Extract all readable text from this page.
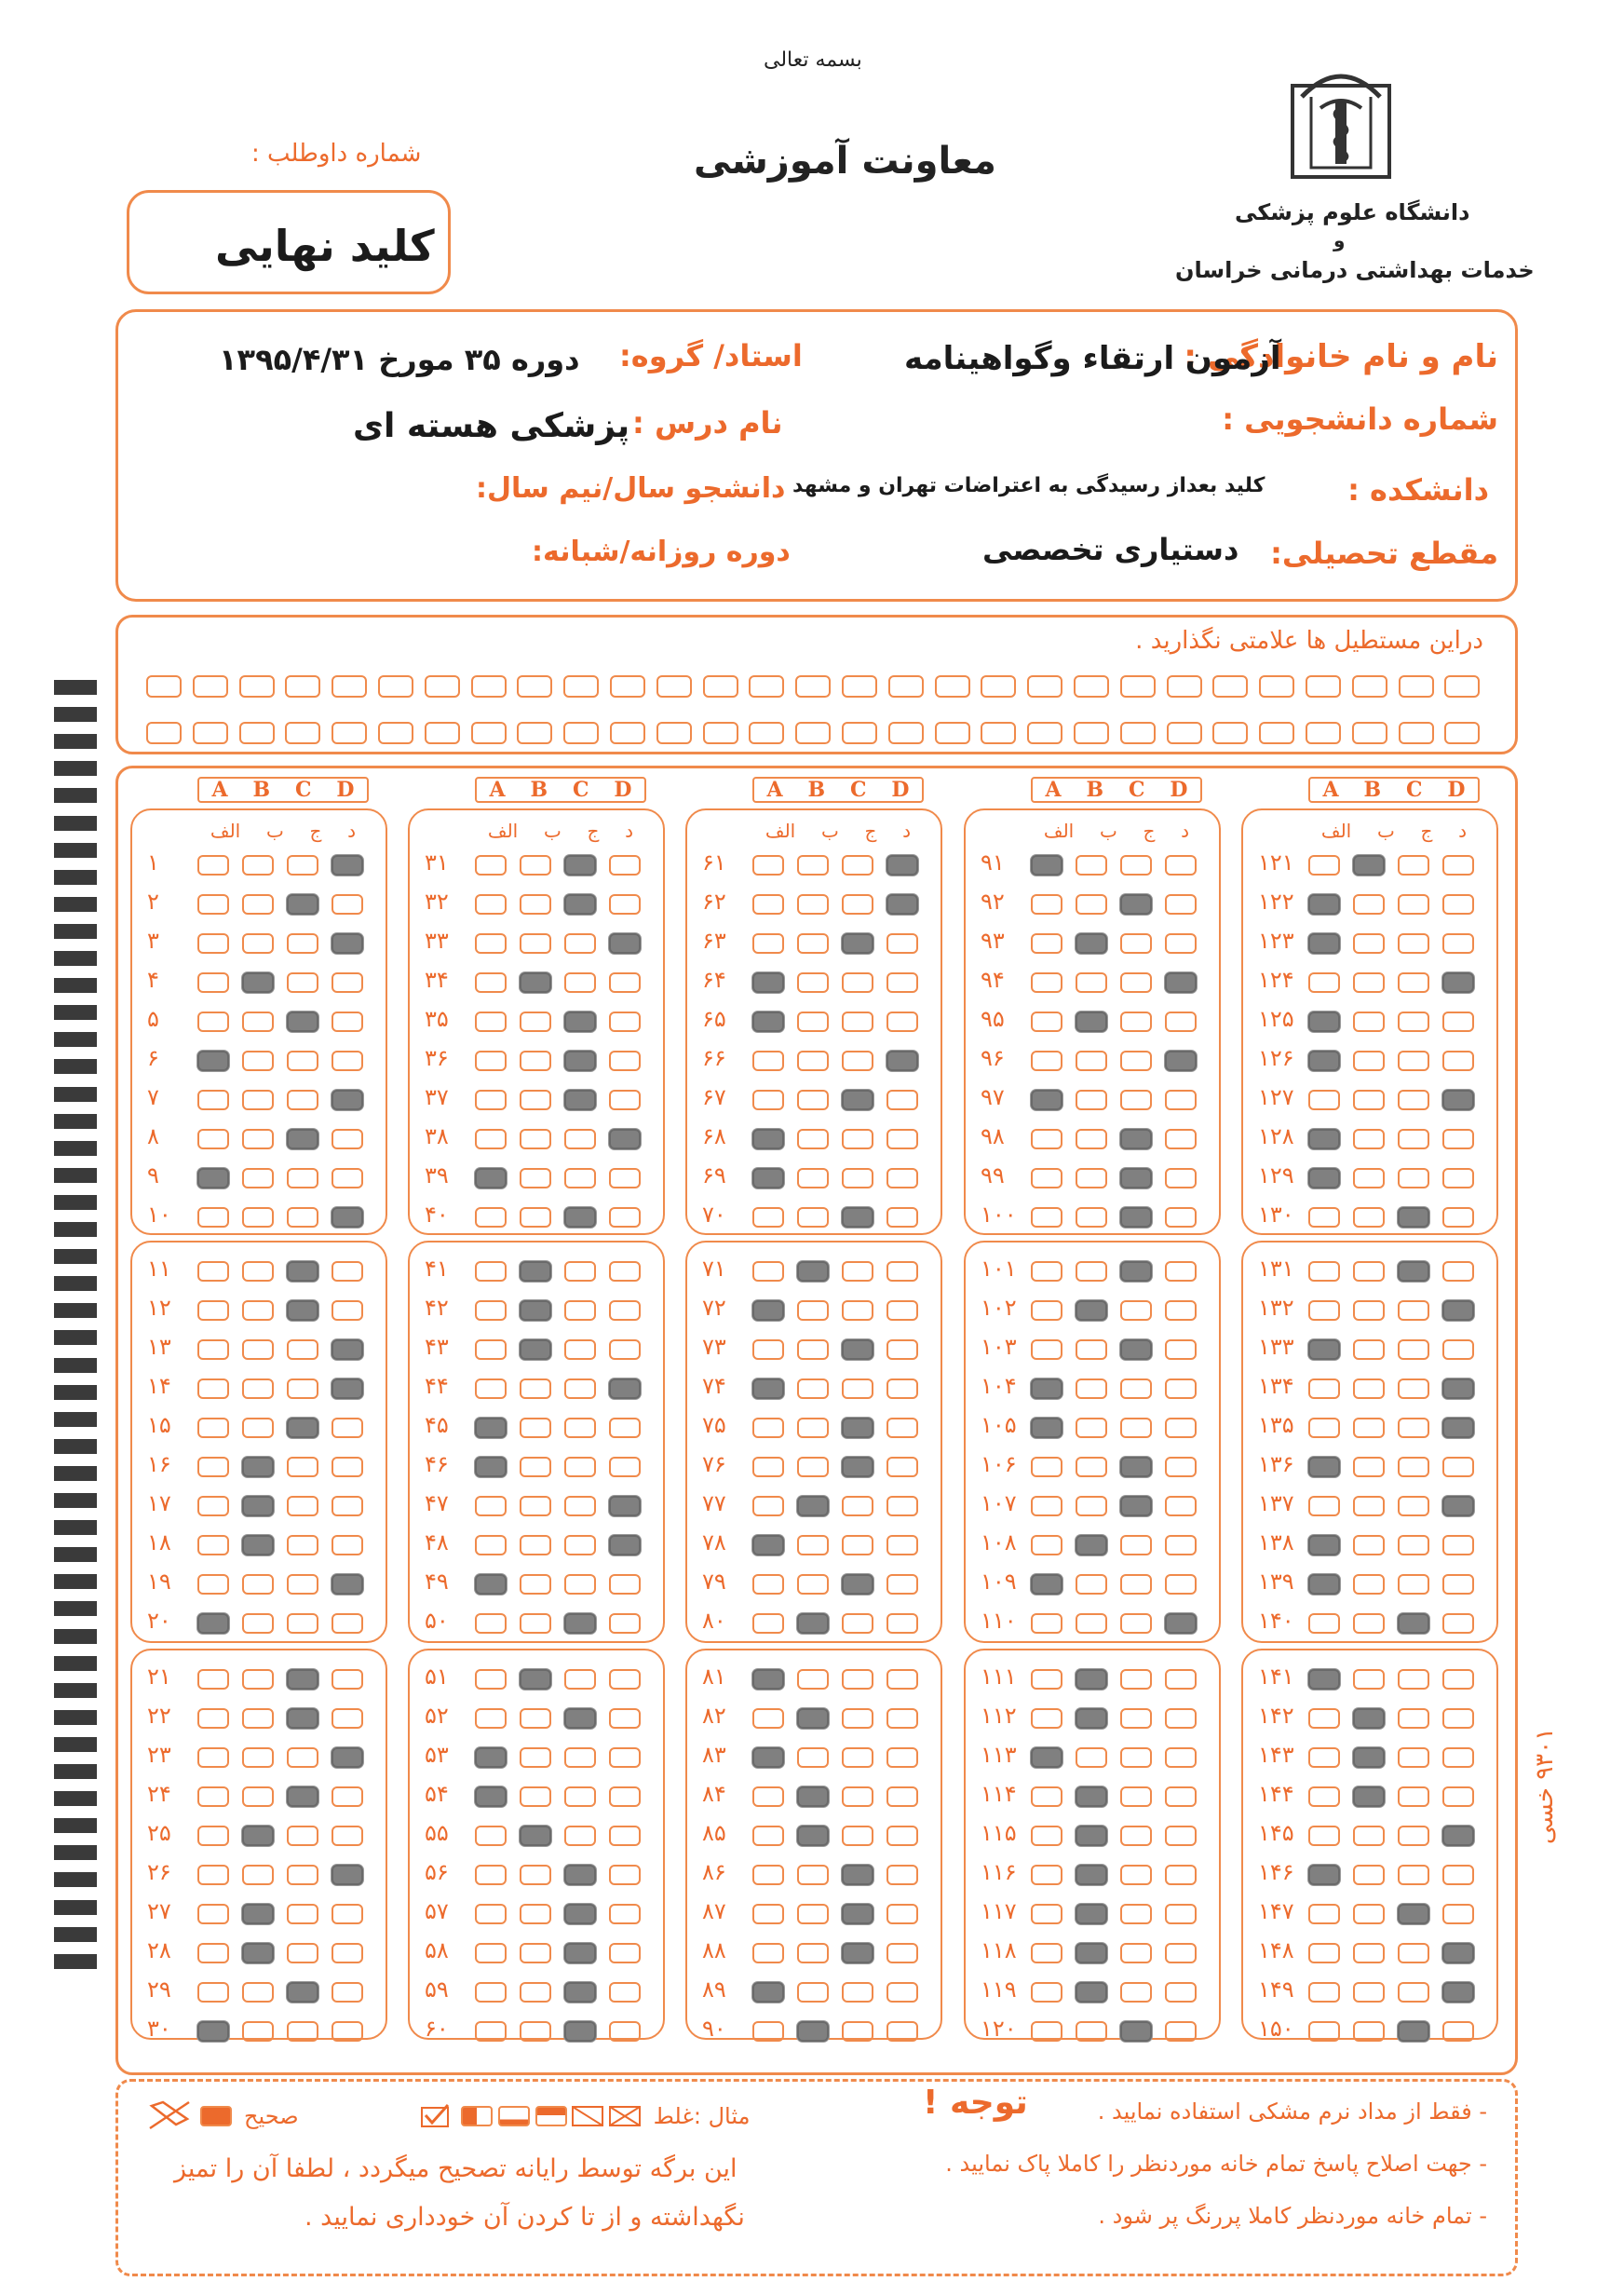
بسمه تعالی
معاونت آموزشی
دانشگاه علوم پزشکی
و
خدمات بهداشتی درمانی خراسان
شماره داوطلب :
کلید نهایی
نام و نام خانوادگی :
آزمون ارتقاء وگواهینامه
شماره دانشجویی :
دانشکده :
کلید بعداز رسیدگی به اعتراضات تهران و مشهد
مقطع تحصیلی:
دستیاری تخصصی
استاد/ گروه:
دوره ۳۵ مورخ ۱۳۹۵/۴/۳۱
نام درس :
پزشکی هسته ای
دانشجو سال/نیم سال:
دوره روزانه/شبانه:
دراین مستطیل ها علامتی نگذارید .
A B C D
الف ب ج د
۱
۲
۳
۴
۵
۶
۷
۸
۹
۱۰
۱۱
۱۲
۱۳
۱۴
۱۵
۱۶
۱۷
۱۸
۱۹
۲۰
۲۱
۲۲
۲۳
۲۴
۲۵
۲۶
۲۷
۲۸
۲۹
۳۰
A B C D
الف ب ج د
۳۱
۳۲
۳۳
۳۴
۳۵
۳۶
۳۷
۳۸
۳۹
۴۰
۴۱
۴۲
۴۳
۴۴
۴۵
۴۶
۴۷
۴۸
۴۹
۵۰
۵۱
۵۲
۵۳
۵۴
۵۵
۵۶
۵۷
۵۸
۵۹
۶۰
A B C D
الف ب ج د
۶۱
۶۲
۶۳
۶۴
۶۵
۶۶
۶۷
۶۸
۶۹
۷۰
۷۱
۷۲
۷۳
۷۴
۷۵
۷۶
۷۷
۷۸
۷۹
۸۰
۸۱
۸۲
۸۳
۸۴
۸۵
۸۶
۸۷
۸۸
۸۹
۹۰
A B C D
الف ب ج د
۹۱
۹۲
۹۳
۹۴
۹۵
۹۶
۹۷
۹۸
۹۹
۱۰۰
۱۰۱
۱۰۲
۱۰۳
۱۰۴
۱۰۵
۱۰۶
۱۰۷
۱۰۸
۱۰۹
۱۱۰
۱۱۱
۱۱۲
۱۱۳
۱۱۴
۱۱۵
۱۱۶
۱۱۷
۱۱۸
۱۱۹
۱۲۰
A B C D
الف ب ج د
۱۲۱
۱۲۲
۱۲۳
۱۲۴
۱۲۵
۱۲۶
۱۲۷
۱۲۸
۱۲۹
۱۳۰
۱۳۱
۱۳۲
۱۳۳
۱۳۴
۱۳۵
۱۳۶
۱۳۷
۱۳۸
۱۳۹
۱۴۰
۱۴۱
۱۴۲
۱۴۳
۱۴۴
۱۴۵
۱۴۶
۱۴۷
۱۴۸
۱۴۹
۱۵۰
توجه !	- فقط از مداد نرم مشکی استفاده نمایید .
- جهت اصلاح پاسخ تمام خانه موردنظر را کاملا پاک نمایید .
- تمام خانه موردنظر کاملا پررنگ پر شود .
صحیح	مثال :غلط
این برگه توسط رایانه تصحیح میگردد ، لطفا آن را تمیز
نگهداشته و از تا کردن آن خودداری نمایید .
۹۳۰۱ خسی
